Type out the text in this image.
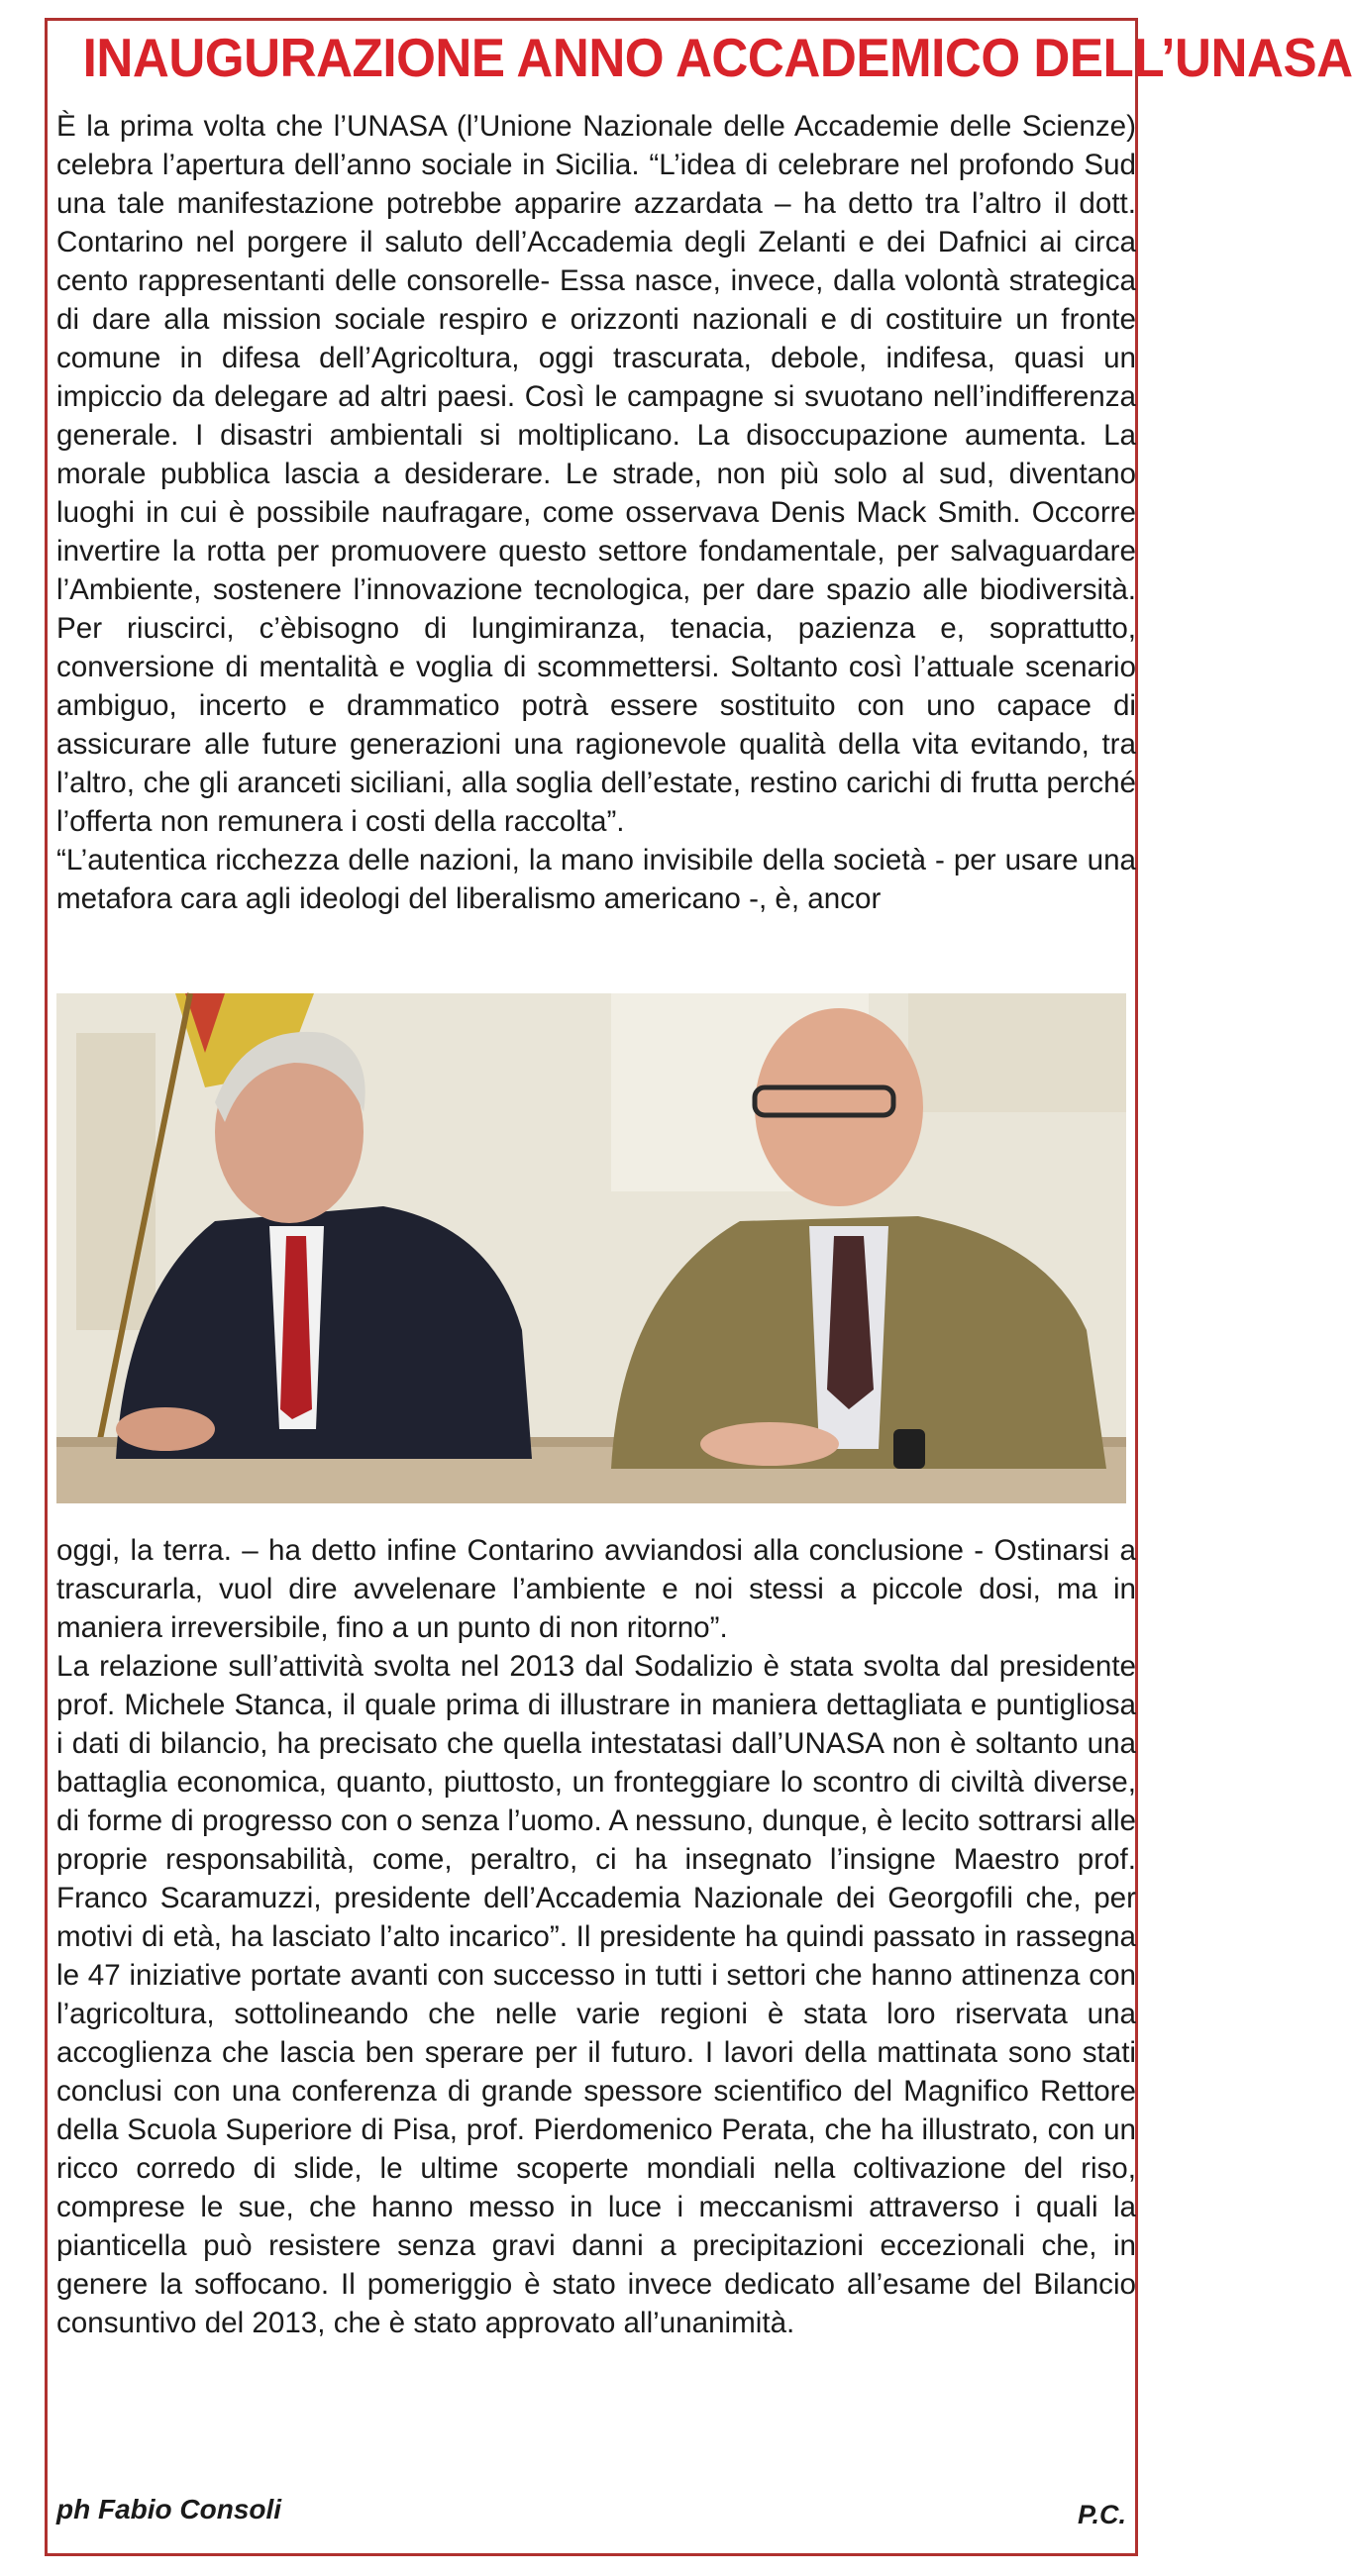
INAUGURAZIONE ANNO ACCADEMICO DELL’UNASA

È la prima volta che l’UNASA (l’Unione Nazionale delle Accademie delle Scienze) celebra l’apertura dell’anno sociale in Sicilia. “L’idea di celebrare nel profondo Sud una tale manifestazione potrebbe apparire azzardata – ha detto tra l’altro il dott. Contarino nel porgere il saluto dell’Accademia degli Zelanti e dei Dafnici ai circa cento rappresentanti delle consorelle- Essa nasce, invece, dalla volontà strategica di dare alla mission sociale respiro e orizzonti nazionali e di costituire un fronte comune in difesa dell’Agricoltura, oggi trascurata, debole, indifesa, quasi un impiccio da delegare ad altri paesi. Così le campagne si svuotano nell’indifferenza generale. I disastri ambientali si moltiplicano. La disoccupazione aumenta. La morale pubblica lascia a desiderare. Le strade, non più solo al sud, diventano luoghi in cui è possibile naufragare, come osservava Denis Mack Smith. Occorre invertire la rotta per promuovere questo settore fondamentale, per salvaguardare l’Ambiente, sostenere l’innovazione tecnologica, per dare spazio alle biodiversità. Per riuscirci, c’èbisogno di lungimiranza, tenacia, pazienza e, soprattutto, conversione di mentalità e voglia di scommettersi. Soltanto così l’attuale scenario ambiguo, incerto e drammatico potrà essere sostituito con uno capace di assicurare alle future generazioni una ragionevole qualità della vita evitando, tra l’altro, che gli aranceti siciliani, alla soglia dell’estate, restino carichi di frutta perché l’offerta non remunera i costi della raccolta”.

“L’autentica ricchezza delle nazioni, la mano invisibile della società - per usare una metafora cara agli ideologi del liberalismo americano -, è, ancor

oggi, la terra. – ha detto infine Contarino avviandosi alla conclusione - Ostinarsi a trascurarla, vuol dire avvelenare l’ambiente e noi stessi a piccole dosi, ma in maniera irreversibile, fino a un punto di non ritorno”.

La relazione sull’attività svolta nel 2013 dal Sodalizio è stata svolta dal presidente prof. Michele Stanca, il quale prima di illustrare in maniera dettagliata e puntigliosa i dati di bilancio, ha precisato che quella intestatasi dall’UNASA non è soltanto una battaglia economica, quanto, piuttosto, un fronteggiare lo scontro di civiltà diverse, di forme di progresso con o senza l’uomo. A nessuno, dunque, è lecito sottrarsi alle proprie responsabilità, come, peraltro, ci ha insegnato l’insigne Maestro prof. Franco Scaramuzzi, presidente dell’Accademia Nazionale dei Georgofili che, per motivi di età, ha lasciato l’alto incarico”. Il presidente ha quindi passato in rassegna le 47 iniziative portate avanti con successo in tutti i settori che hanno attinenza con l’agricoltura, sottolineando che nelle varie regioni è stata loro riservata una accoglienza che lascia ben sperare per il futuro. I lavori della mattinata sono stati conclusi con una conferenza di grande spessore scientifico del Magnifico Rettore della Scuola Superiore di Pisa, prof. Pierdomenico Perata, che ha illustrato, con un ricco corredo di slide, le ultime scoperte mondiali nella coltivazione del riso, comprese le sue, che hanno messo in luce i meccanismi attraverso i quali la pianticella può resistere senza gravi danni a precipitazioni eccezionali che, in genere la soffocano. Il pomeriggio è stato invece dedicato all’esame del Bilancio consuntivo del 2013, che è stato approvato all’unanimità.

ph Fabio Consoli	P.C.
